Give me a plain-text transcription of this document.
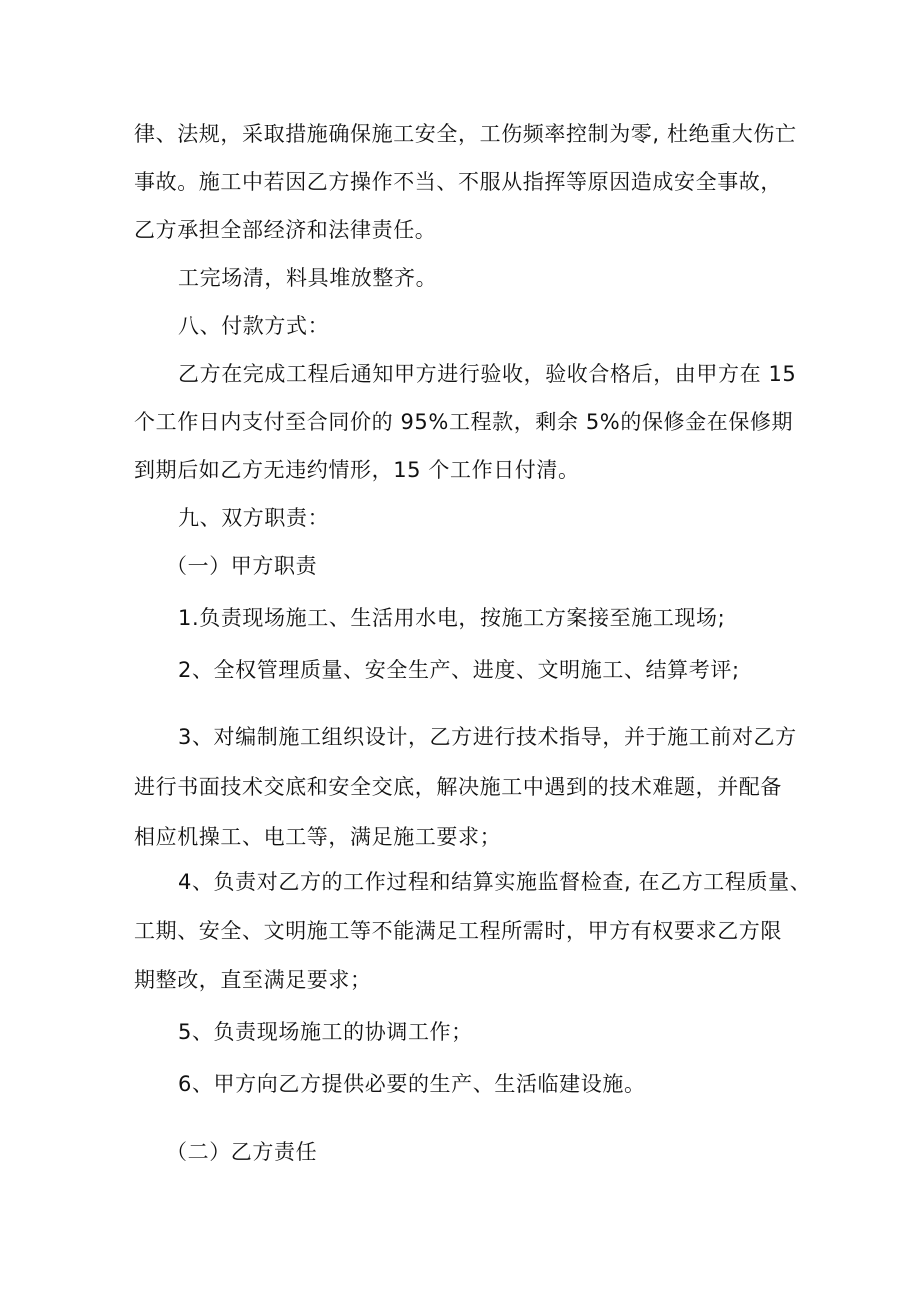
律、法规，采取措施确保施工安全，工伤频率控制为零, 杜绝重大伤亡
事故。施工中若因乙方操作不当、不服从指挥等原因造成安全事故，
乙方承担全部经济和法律责任。
工完场清，料具堆放整齐。
八、付款方式：
乙方在完成工程后通知甲方进行验收，验收合格后，由甲方在 15
个工作日内支付至合同价的 95%工程款，剩余 5%的保修金在保修期
到期后如乙方无违约情形，15 个工作日付清。
九、双方职责：
（一）甲方职责
1.负责现场施工、生活用水电，按施工方案接至施工现场;
2、全权管理质量、安全生产、进度、文明施工、结算考评;
3、对编制施工组织设计，乙方进行技术指导，并于施工前对乙方
进行书面技术交底和安全交底，解决施工中遇到的技术难题，并配备
相应机操工、电工等，满足施工要求；
4、负责对乙方的工作过程和结算实施监督检查, 在乙方工程质量、
工期、安全、文明施工等不能满足工程所需时，甲方有权要求乙方限
期整改，直至满足要求；
5、负责现场施工的协调工作；
6、甲方向乙方提供必要的生产、生活临建设施。
（二）乙方责任
